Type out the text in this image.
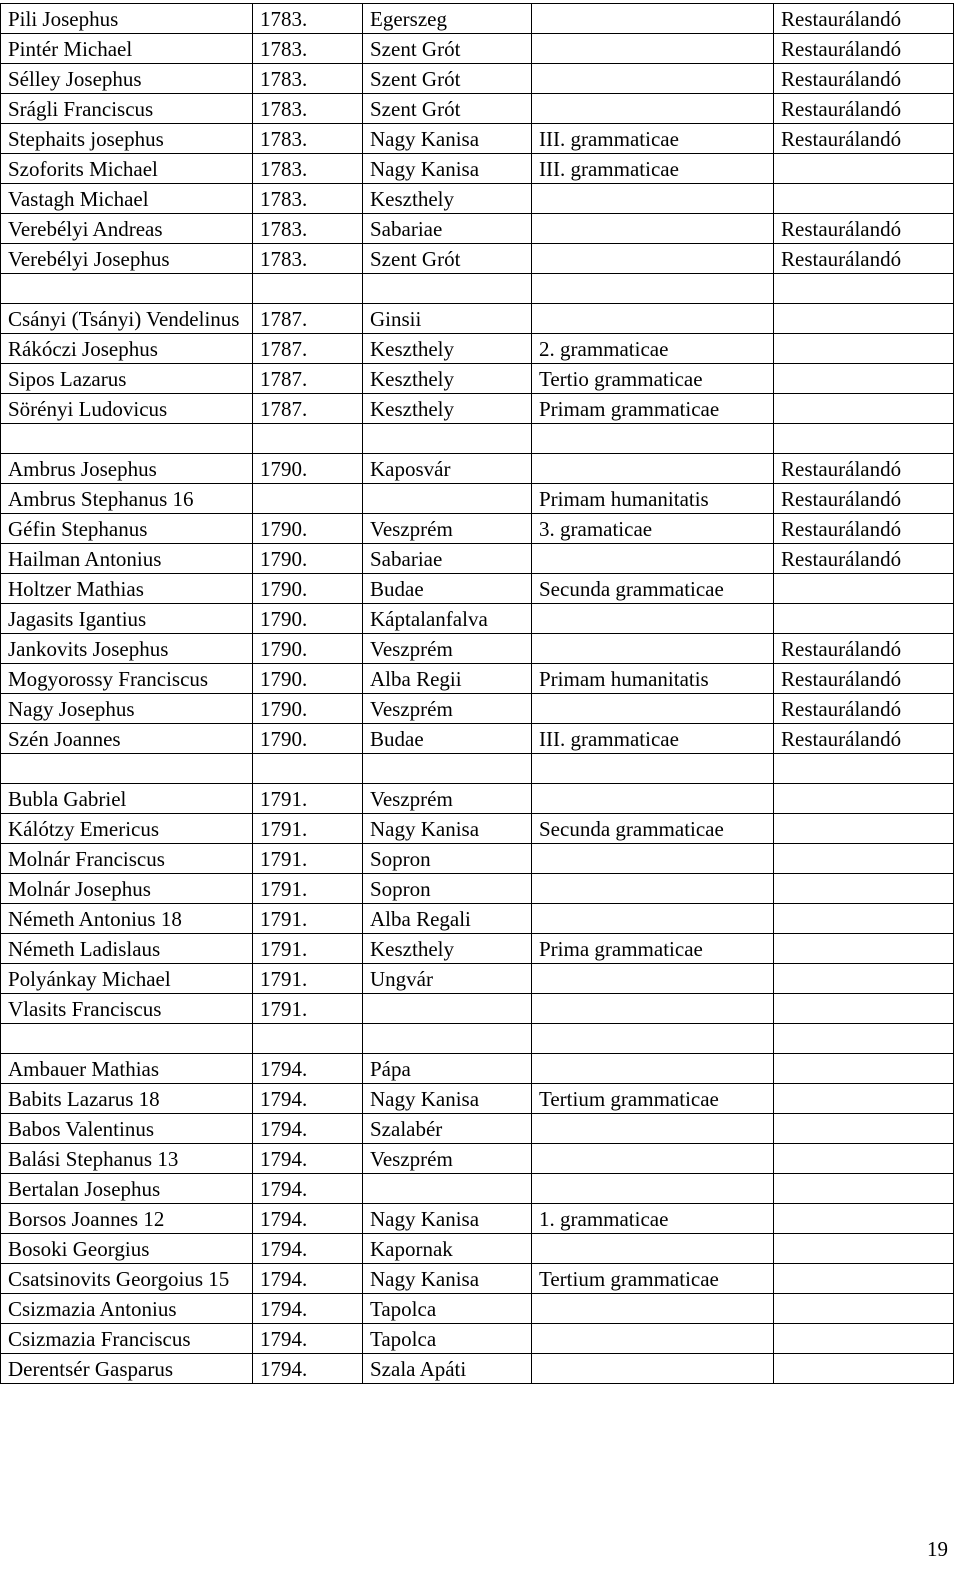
Pili Josephus	1783.	Egerszeg		Restaurálandó
Pintér Michael	1783.	Szent Grót		Restaurálandó
Sélley Josephus	1783.	Szent Grót		Restaurálandó
Srágli Franciscus	1783.	Szent Grót		Restaurálandó
Stephaits josephus	1783.	Nagy Kanisa	III. grammaticae	Restaurálandó
Szoforits Michael	1783.	Nagy Kanisa	III. grammaticae	
Vastagh Michael	1783.	Keszthely		
Verebélyi Andreas	1783.	Sabariae		Restaurálandó
Verebélyi Josephus	1783.	Szent Grót		Restaurálandó

Csányi (Tsányi) Vendelinus	1787.	Ginsii		
Rákóczi Josephus	1787.	Keszthely	2. grammaticae	
Sipos Lazarus	1787.	Keszthely	Tertio grammaticae	
Sörényi Ludovicus	1787.	Keszthely	Primam grammaticae	

Ambrus Josephus	1790.	Kaposvár		Restaurálandó
Ambrus Stephanus 16			Primam humanitatis	Restaurálandó
Géfin Stephanus	1790.	Veszprém	3. gramaticae	Restaurálandó
Hailman Antonius	1790.	Sabariae		Restaurálandó
Holtzer Mathias	1790.	Budae	Secunda grammaticae	
Jagasits Igantius	1790.	Káptalanfalva		
Jankovits Josephus	1790.	Veszprém		Restaurálandó
Mogyorossy Franciscus	1790.	Alba Regii	Primam humanitatis	Restaurálandó
Nagy Josephus	1790.	Veszprém		Restaurálandó
Szén Joannes	1790.	Budae	III. grammaticae	Restaurálandó

Bubla Gabriel	1791.	Veszprém		
Kálótzy Emericus	1791.	Nagy Kanisa	Secunda grammaticae	
Molnár Franciscus	1791.	Sopron		
Molnár Josephus	1791.	Sopron		
Németh Antonius 18	1791.	Alba Regali		
Németh Ladislaus	1791.	Keszthely	Prima grammaticae	
Polyánkay Michael	1791.	Ungvár		
Vlasits Franciscus	1791.			

Ambauer Mathias	1794.	Pápa		
Babits Lazarus 18	1794.	Nagy Kanisa	Tertium grammaticae	
Babos Valentinus	1794.	Szalabér		
Balási Stephanus 13	1794.	Veszprém		
Bertalan Josephus	1794.			
Borsos Joannes 12	1794.	Nagy Kanisa	1. grammaticae	
Bosoki Georgius	1794.	Kapornak		
Csatsinovits Georgoius 15	1794.	Nagy Kanisa	Tertium grammaticae	
Csizmazia Antonius	1794.	Tapolca		
Csizmazia Franciscus	1794.	Tapolca		
Derentsér Gasparus	1794.	Szala Apáti		
19
